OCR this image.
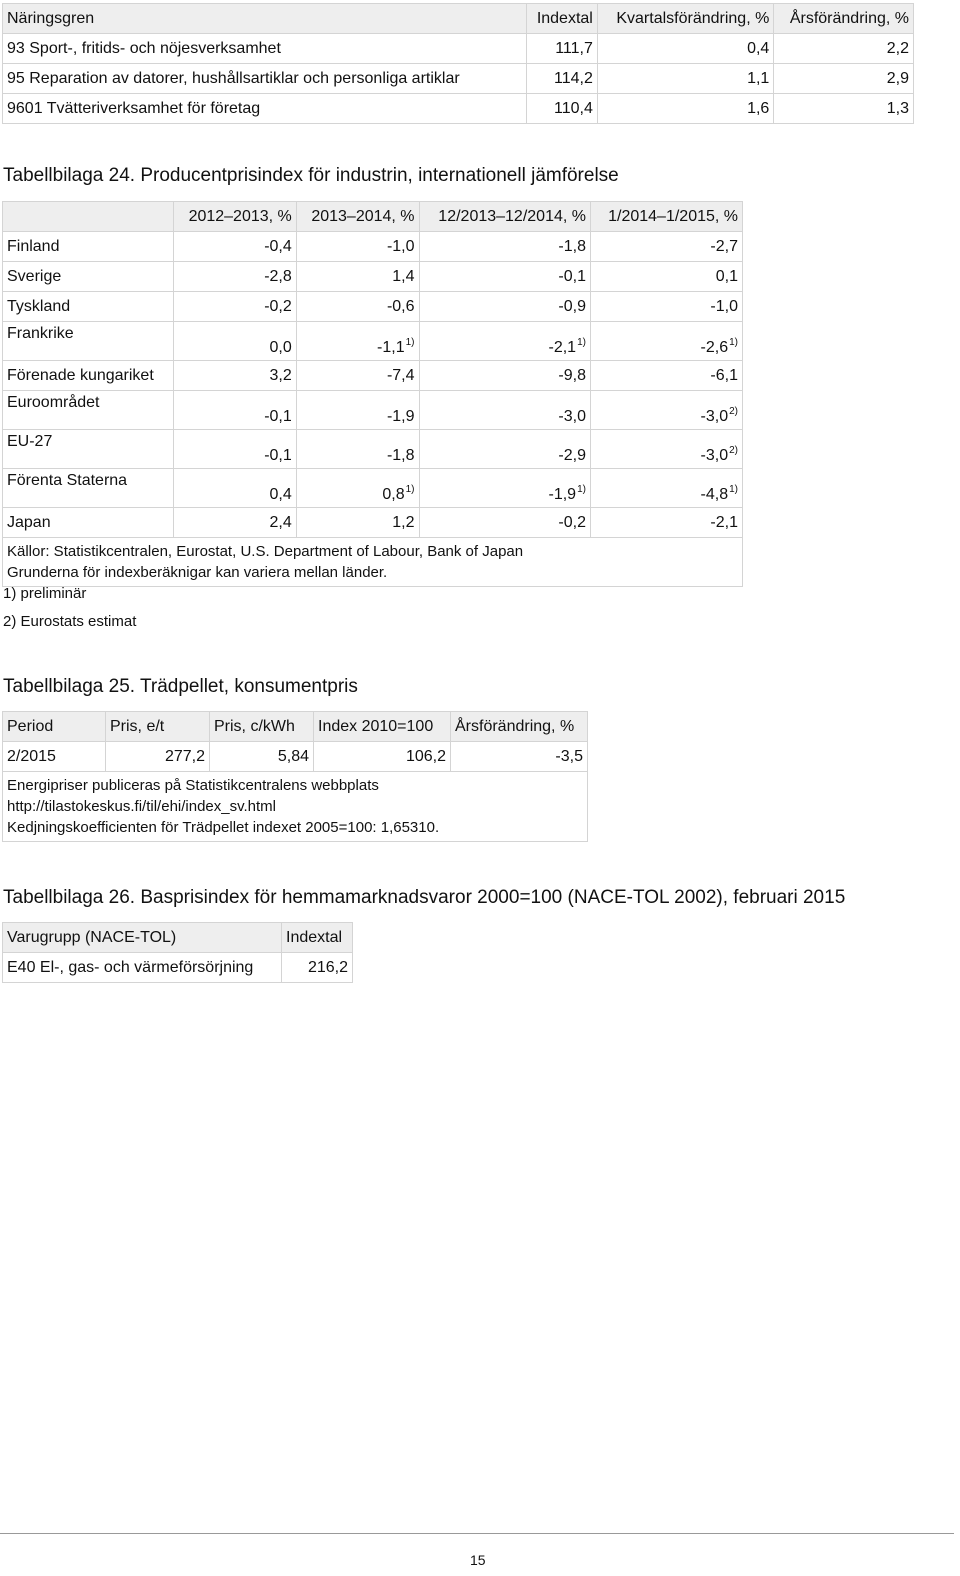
Näringsgren	Indextal	Kvartalsförändring, %	Årsförändring, %
93 Sport-, fritids- och nöjesverksamhet	111,7	0,4	2,2
95 Reparation av datorer, hushållsartiklar och personliga artiklar	114,2	1,1	2,9
9601 Tvätteriverksamhet för företag	110,4	1,6	1,3
Tabellbilaga 24. Producentprisindex för industrin, internationell jämförelse
	2012–2013, %	2013–2014, %	12/2013–12/2014, %	1/2014–1/2015, %
Finland	-0,4	-1,0	-1,8	-2,7
Sverige	-2,8	1,4	-0,1	0,1
Tyskland	-0,2	-0,6	-0,9	-1,0
Frankrike	0,0	-1,1$^{1)}$	-2,1$^{1)}$	-2,6$^{1)}$
Förenade kungariket	3,2	-7,4	-9,8	-6,1
Euroområdet	-0,1	-1,9	-3,0	-3,0$^{2)}$
EU-27	-0,1	-1,8	-2,9	-3,0$^{2)}$
Förenta Staterna	0,4	0,8$^{1)}$	-1,9$^{1)}$	-4,8$^{1)}$
Japan	2,4	1,2	-0,2	-2,1

Källor: Statistikcentralen, Eurostat, U.S. Department of Labour, Bank of Japan
Grunderna för indexberäknigar kan variera mellan länder.				
1) preliminär
2) Eurostats estimat
Tabellbilaga 25. Trädpellet, konsumentpris
Period	Pris, e/t	Pris, c/kWh	Index 2010=100	Årsförändring, %
2/2015	277,2	5,84	106,2	-3,5

Energipriser publiceras på Statistikcentralens webbplats
http://tilastokeskus.fi/til/ehi/index_sv.html
Kedjningskoefficienten för Trädpellet indexet 2005=100: 1,65310.				
Tabellbilaga 26. Basprisindex för hemmamarknadsvaror 2000=100 (NACE-TOL 2002), februari 2015
Varugrupp (NACE-TOL)	Indextal
E40 El-, gas- och värmeförsörjning	216,2
15
